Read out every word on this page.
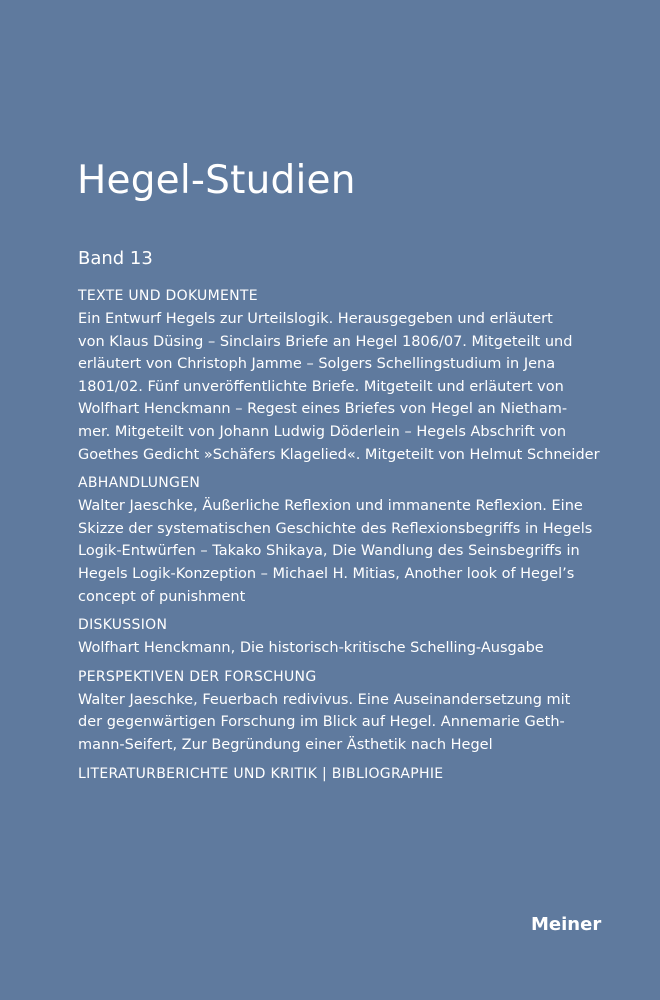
Hegel-Studien
Band 13
TEXTE UND DOKUMENTE
Ein Entwurf Hegels zur Urteilslogik. Herausgegeben und erläutert
von Klaus Düsing – Sinclairs Briefe an Hegel 1806/07. Mitgeteilt und
erläutert von Christoph Jamme – Solgers Schellingstudium in Jena
1801/02. Fünf unveröffentlichte Briefe. Mitgeteilt und erläutert von
Wolfhart Henckmann – Regest eines Briefes von Hegel an Nietham-
mer. Mitgeteilt von Johann Ludwig Döderlein – Hegels Abschrift von
Goethes Gedicht »Schäfers Klagelied«. Mitgeteilt von Helmut Schneider
ABHANDLUNGEN
Walter Jaeschke, Äußerliche Reflexion und immanente Reflexion. Eine
Skizze der systematischen Geschichte des Reflexionsbegriffs in Hegels
Logik-Entwürfen – Takako Shikaya, Die Wandlung des Seinsbegriffs in
Hegels Logik-Konzeption – Michael H. Mitias, Another look of Hegel’s
concept of punishment
DISKUSSION
Wolfhart Henckmann, Die historisch-kritische Schelling-Ausgabe
PERSPEKTIVEN DER FORSCHUNG
Walter Jaeschke, Feuerbach redivivus. Eine Auseinandersetzung mit
der gegenwärtigen Forschung im Blick auf Hegel. Annemarie Geth-
mann-Seifert, Zur Begründung einer Ästhetik nach Hegel
LITERATURBERICHTE UND KRITIK | BIBLIOGRAPHIE
Meiner
